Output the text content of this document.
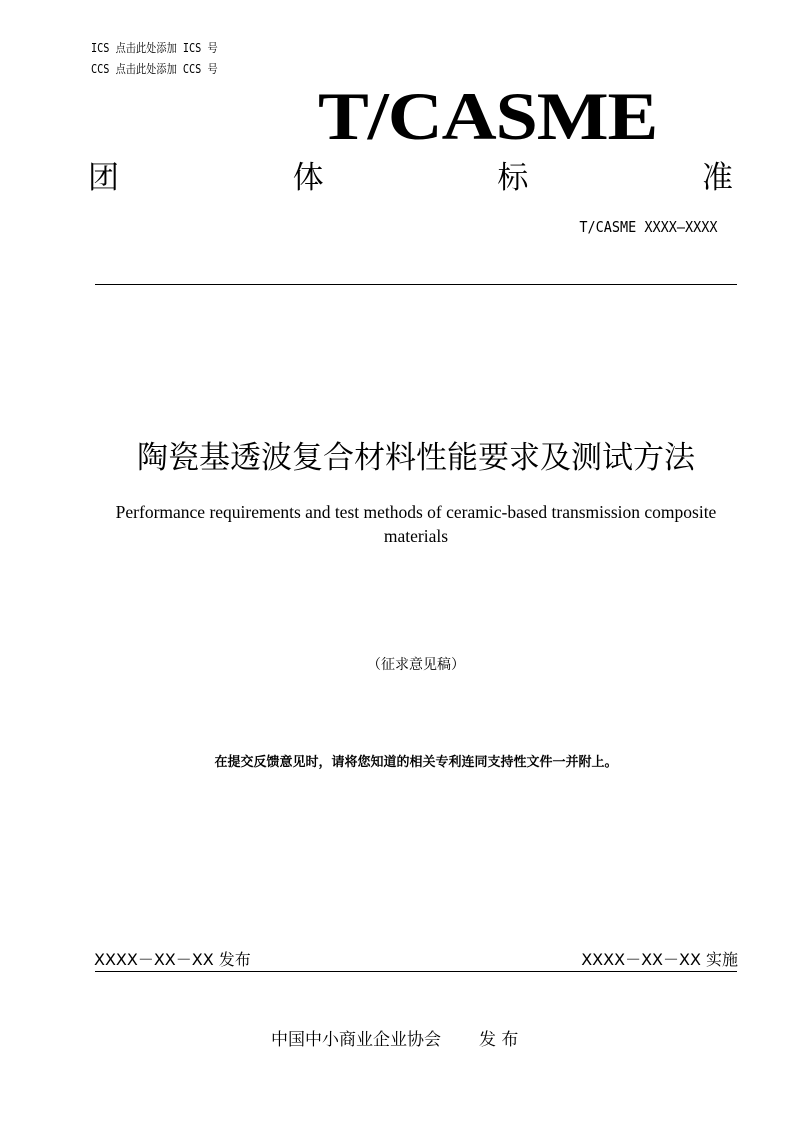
ICS 点击此处添加 ICS 号
CCS 点击此处添加 CCS 号
T/CASME
团	体	标	准
T/CASME XXXX—XXXX
陶瓷基透波复合材料性能要求及测试方法
Performance requirements and test methods of ceramic-based transmission composite materials
（征求意见稿）
在提交反馈意见时，请将您知道的相关专利连同支持性文件一并附上。
XXXX－XX－XX 发布	XXXX－XX－XX 实施
中国中小商业企业协会 发 布
